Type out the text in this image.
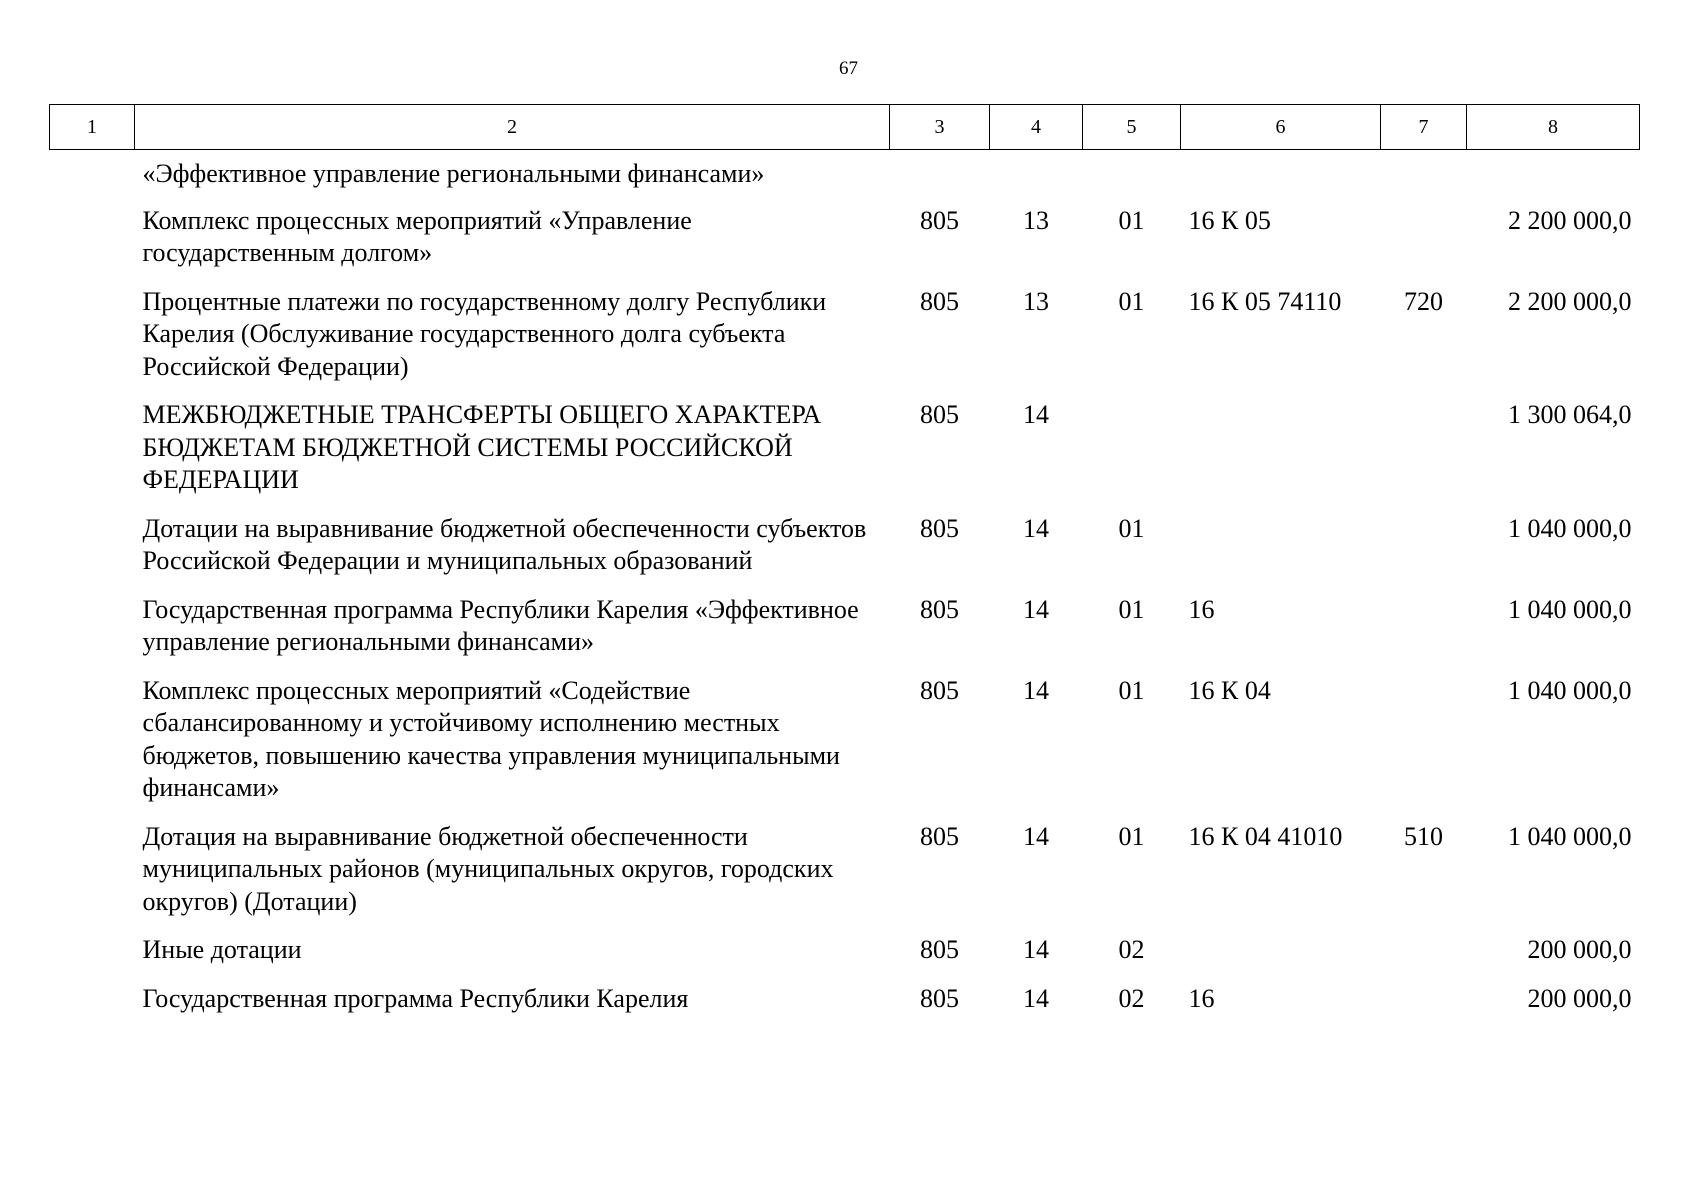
67
1	2	3	4	5	6	7	8
	«Эффективное управление региональными финансами»						
	Комплекс процессных мероприятий «Управление государственным долгом»	805	13	01	16 К 05		2 200 000,0
	Процентные платежи по государственному долгу Республики Карелия (Обслуживание государственного долга субъекта Российской Федерации)	805	13	01	16 К 05 74110	720	2 200 000,0
	МЕЖБЮДЖЕТНЫЕ ТРАНСФЕРТЫ ОБЩЕГО ХАРАКТЕРА БЮДЖЕТАМ БЮДЖЕТНОЙ СИСТЕМЫ РОССИЙСКОЙ ФЕДЕРАЦИИ	805	14				1 300 064,0
	Дотации на выравнивание бюджетной обеспеченности субъектов Российской Федерации и муниципальных образований	805	14	01			1 040 000,0
	Государственная программа Республики Карелия «Эффективное управление региональными финансами»	805	14	01	16		1 040 000,0
	Комплекс процессных мероприятий «Содействие сбалансированному и устойчивому исполнению местных бюджетов, повышению качества управления муниципальными финансами»	805	14	01	16 К 04		1 040 000,0
	Дотация на выравнивание бюджетной обеспеченности муниципальных районов (муниципальных округов, городских округов) (Дотации)	805	14	01	16 К 04 41010	510	1 040 000,0
	Иные дотации	805	14	02			200 000,0
	Государственная программа Республики Карелия	805	14	02	16		200 000,0
